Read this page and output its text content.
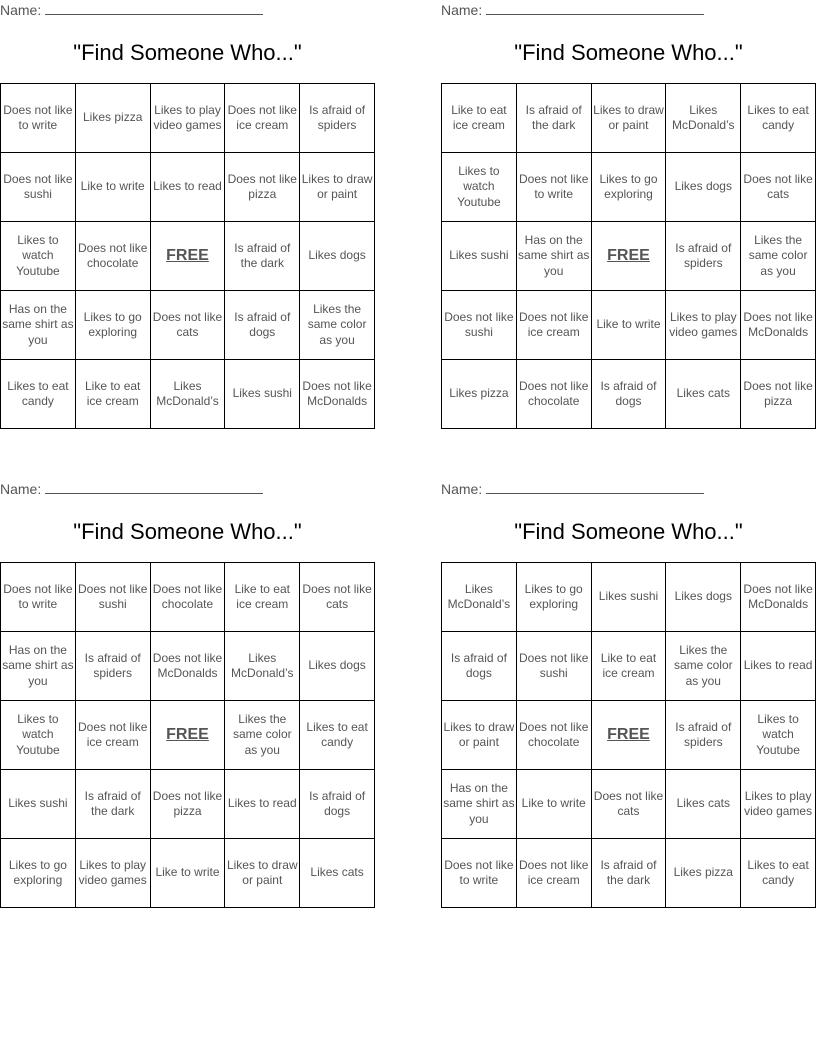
Name:
"Find Someone Who..."
Does not like to write	Likes pizza	Likes to play video games	Does not like ice cream	Is afraid of spiders
Does not like sushi	Like to write	Likes to read	Does not like pizza	Likes to draw or paint
Likes to watch Youtube	Does not like chocolate	FREE	Is afraid of the dark	Likes dogs
Has on the same shirt as you	Likes to go exploring	Does not like cats	Is afraid of dogs	Likes the same color as you
Likes to eat candy	Like to eat ice cream	Likes McDonald’s	Likes sushi	Does not like McDonalds
Name:
"Find Someone Who..."
Like to eat ice cream	Is afraid of the dark	Likes to draw or paint	Likes McDonald’s	Likes to eat candy
Likes to watch Youtube	Does not like to write	Likes to go exploring	Likes dogs	Does not like cats
Likes sushi	Has on the same shirt as you	FREE	Is afraid of spiders	Likes the same color as you
Does not like sushi	Does not like ice cream	Like to write	Likes to play video games	Does not like McDonalds
Likes pizza	Does not like chocolate	Is afraid of dogs	Likes cats	Does not like pizza
Name:
"Find Someone Who..."
Does not like to write	Does not like sushi	Does not like chocolate	Like to eat ice cream	Does not like cats
Has on the same shirt as you	Is afraid of spiders	Does not like McDonalds	Likes McDonald’s	Likes dogs
Likes to watch Youtube	Does not like ice cream	FREE	Likes the same color as you	Likes to eat candy
Likes sushi	Is afraid of the dark	Does not like pizza	Likes to read	Is afraid of dogs
Likes to go exploring	Likes to play video games	Like to write	Likes to draw or paint	Likes cats
Name:
"Find Someone Who..."
Likes McDonald’s	Likes to go exploring	Likes sushi	Likes dogs	Does not like McDonalds
Is afraid of dogs	Does not like sushi	Like to eat ice cream	Likes the same color as you	Likes to read
Likes to draw or paint	Does not like chocolate	FREE	Is afraid of spiders	Likes to watch Youtube
Has on the same shirt as you	Like to write	Does not like cats	Likes cats	Likes to play video games
Does not like to write	Does not like ice cream	Is afraid of the dark	Likes pizza	Likes to eat candy
